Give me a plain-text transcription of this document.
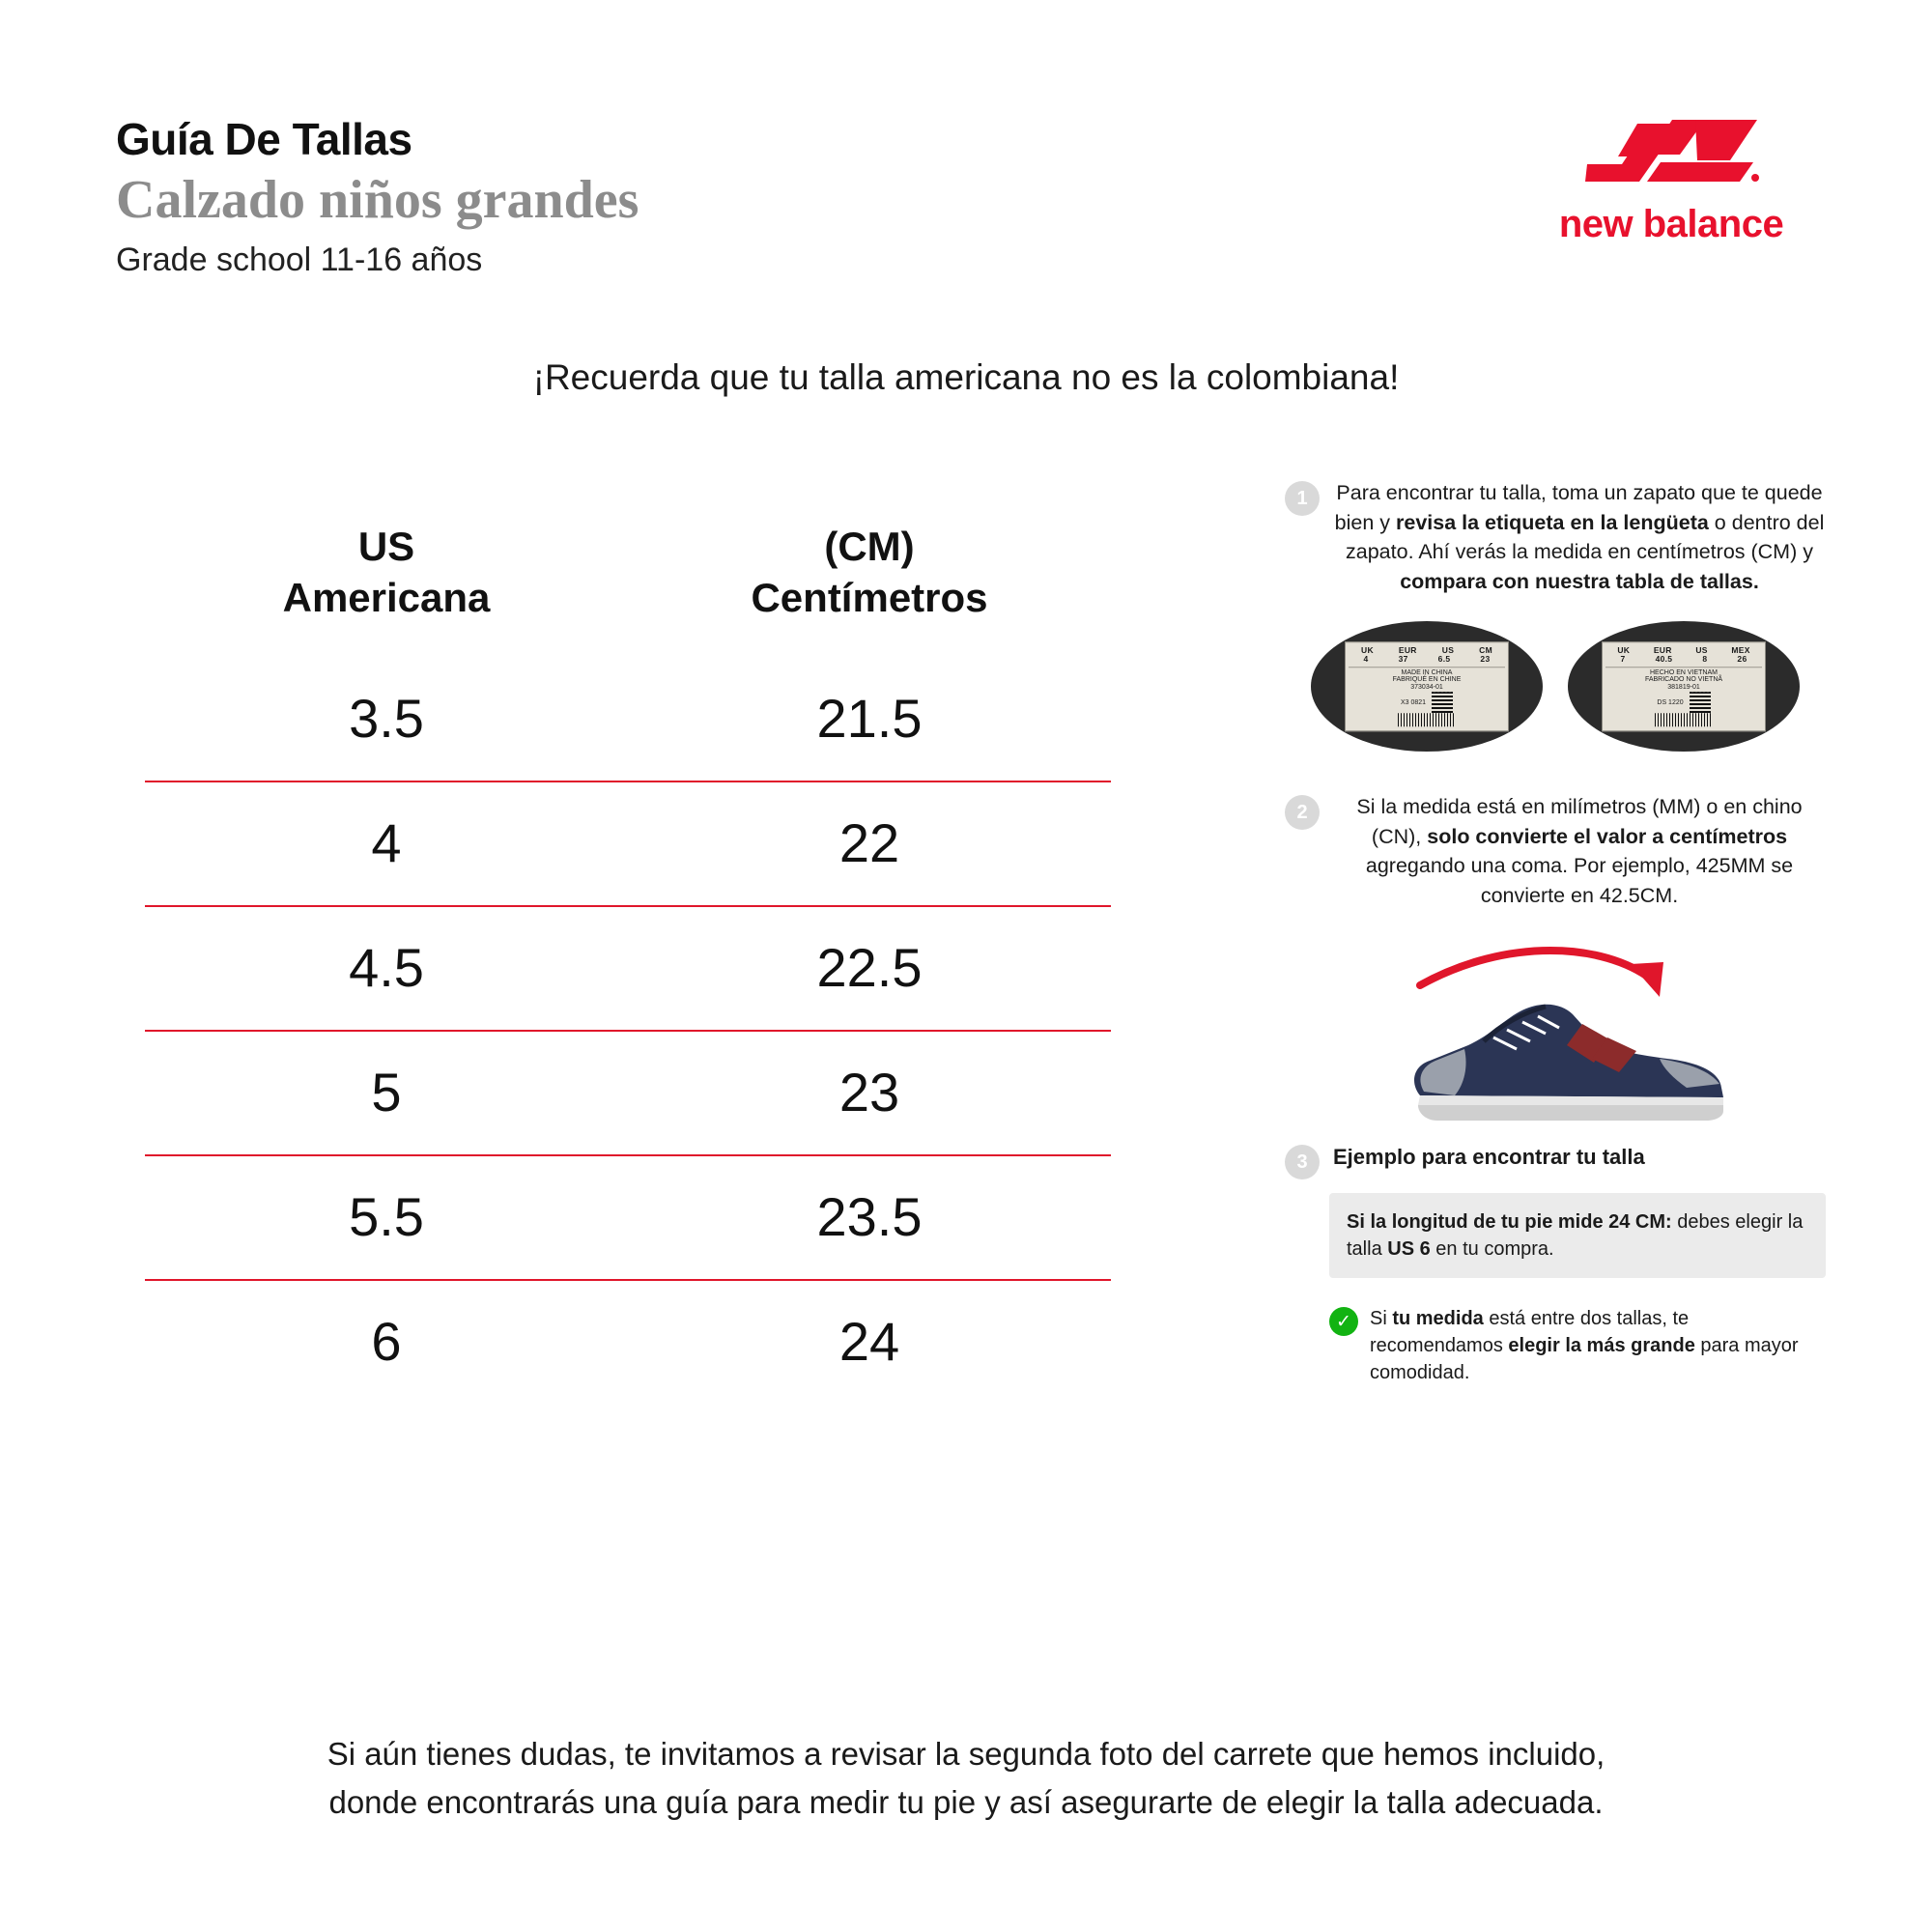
Guía De Tallas
Calzado niños grandes
Grade school 11-16 años
new balance
¡Recuerda que tu talla americana no es la colombiana!
US
Americana
(CM)
Centímetros
3.5	21.5
4	22
4.5	22.5
5	23
5.5	23.5
6	24
1	Para encontrar tu talla, toma un zapato que te quede bien y revisa la etiqueta en la lengüeta o dentro del zapato. Ahí verás la medida en centímetros (CM) y compara con nuestra tabla de tallas.
UK	EUR	US	CM
4	37	6.5	23
MADE IN CHINA
FABRIQUÉ EN CHINE
373034-01
X3 0821
UK	EUR	US	MEX
7	40.5	8	26
HECHO EN VIETNAM
FABRICADO NO VIETNÃ
381819-01
DS 1220
2	Si la medida está en milímetros (MM) o en chino (CN), solo convierte el valor a centímetros agregando una coma. Por ejemplo, 425MM se convierte en 42.5CM.
3	Ejemplo para encontrar tu talla
Si la longitud de tu pie mide 24 CM: debes elegir la talla US 6 en tu compra.
✓ Si tu medida está entre dos tallas, te recomendamos elegir la más grande para mayor comodidad.
Si aún tienes dudas, te invitamos a revisar la segunda foto del carrete que hemos incluido,
donde encontrarás una guía para medir tu pie y así asegurarte de elegir la talla adecuada.
